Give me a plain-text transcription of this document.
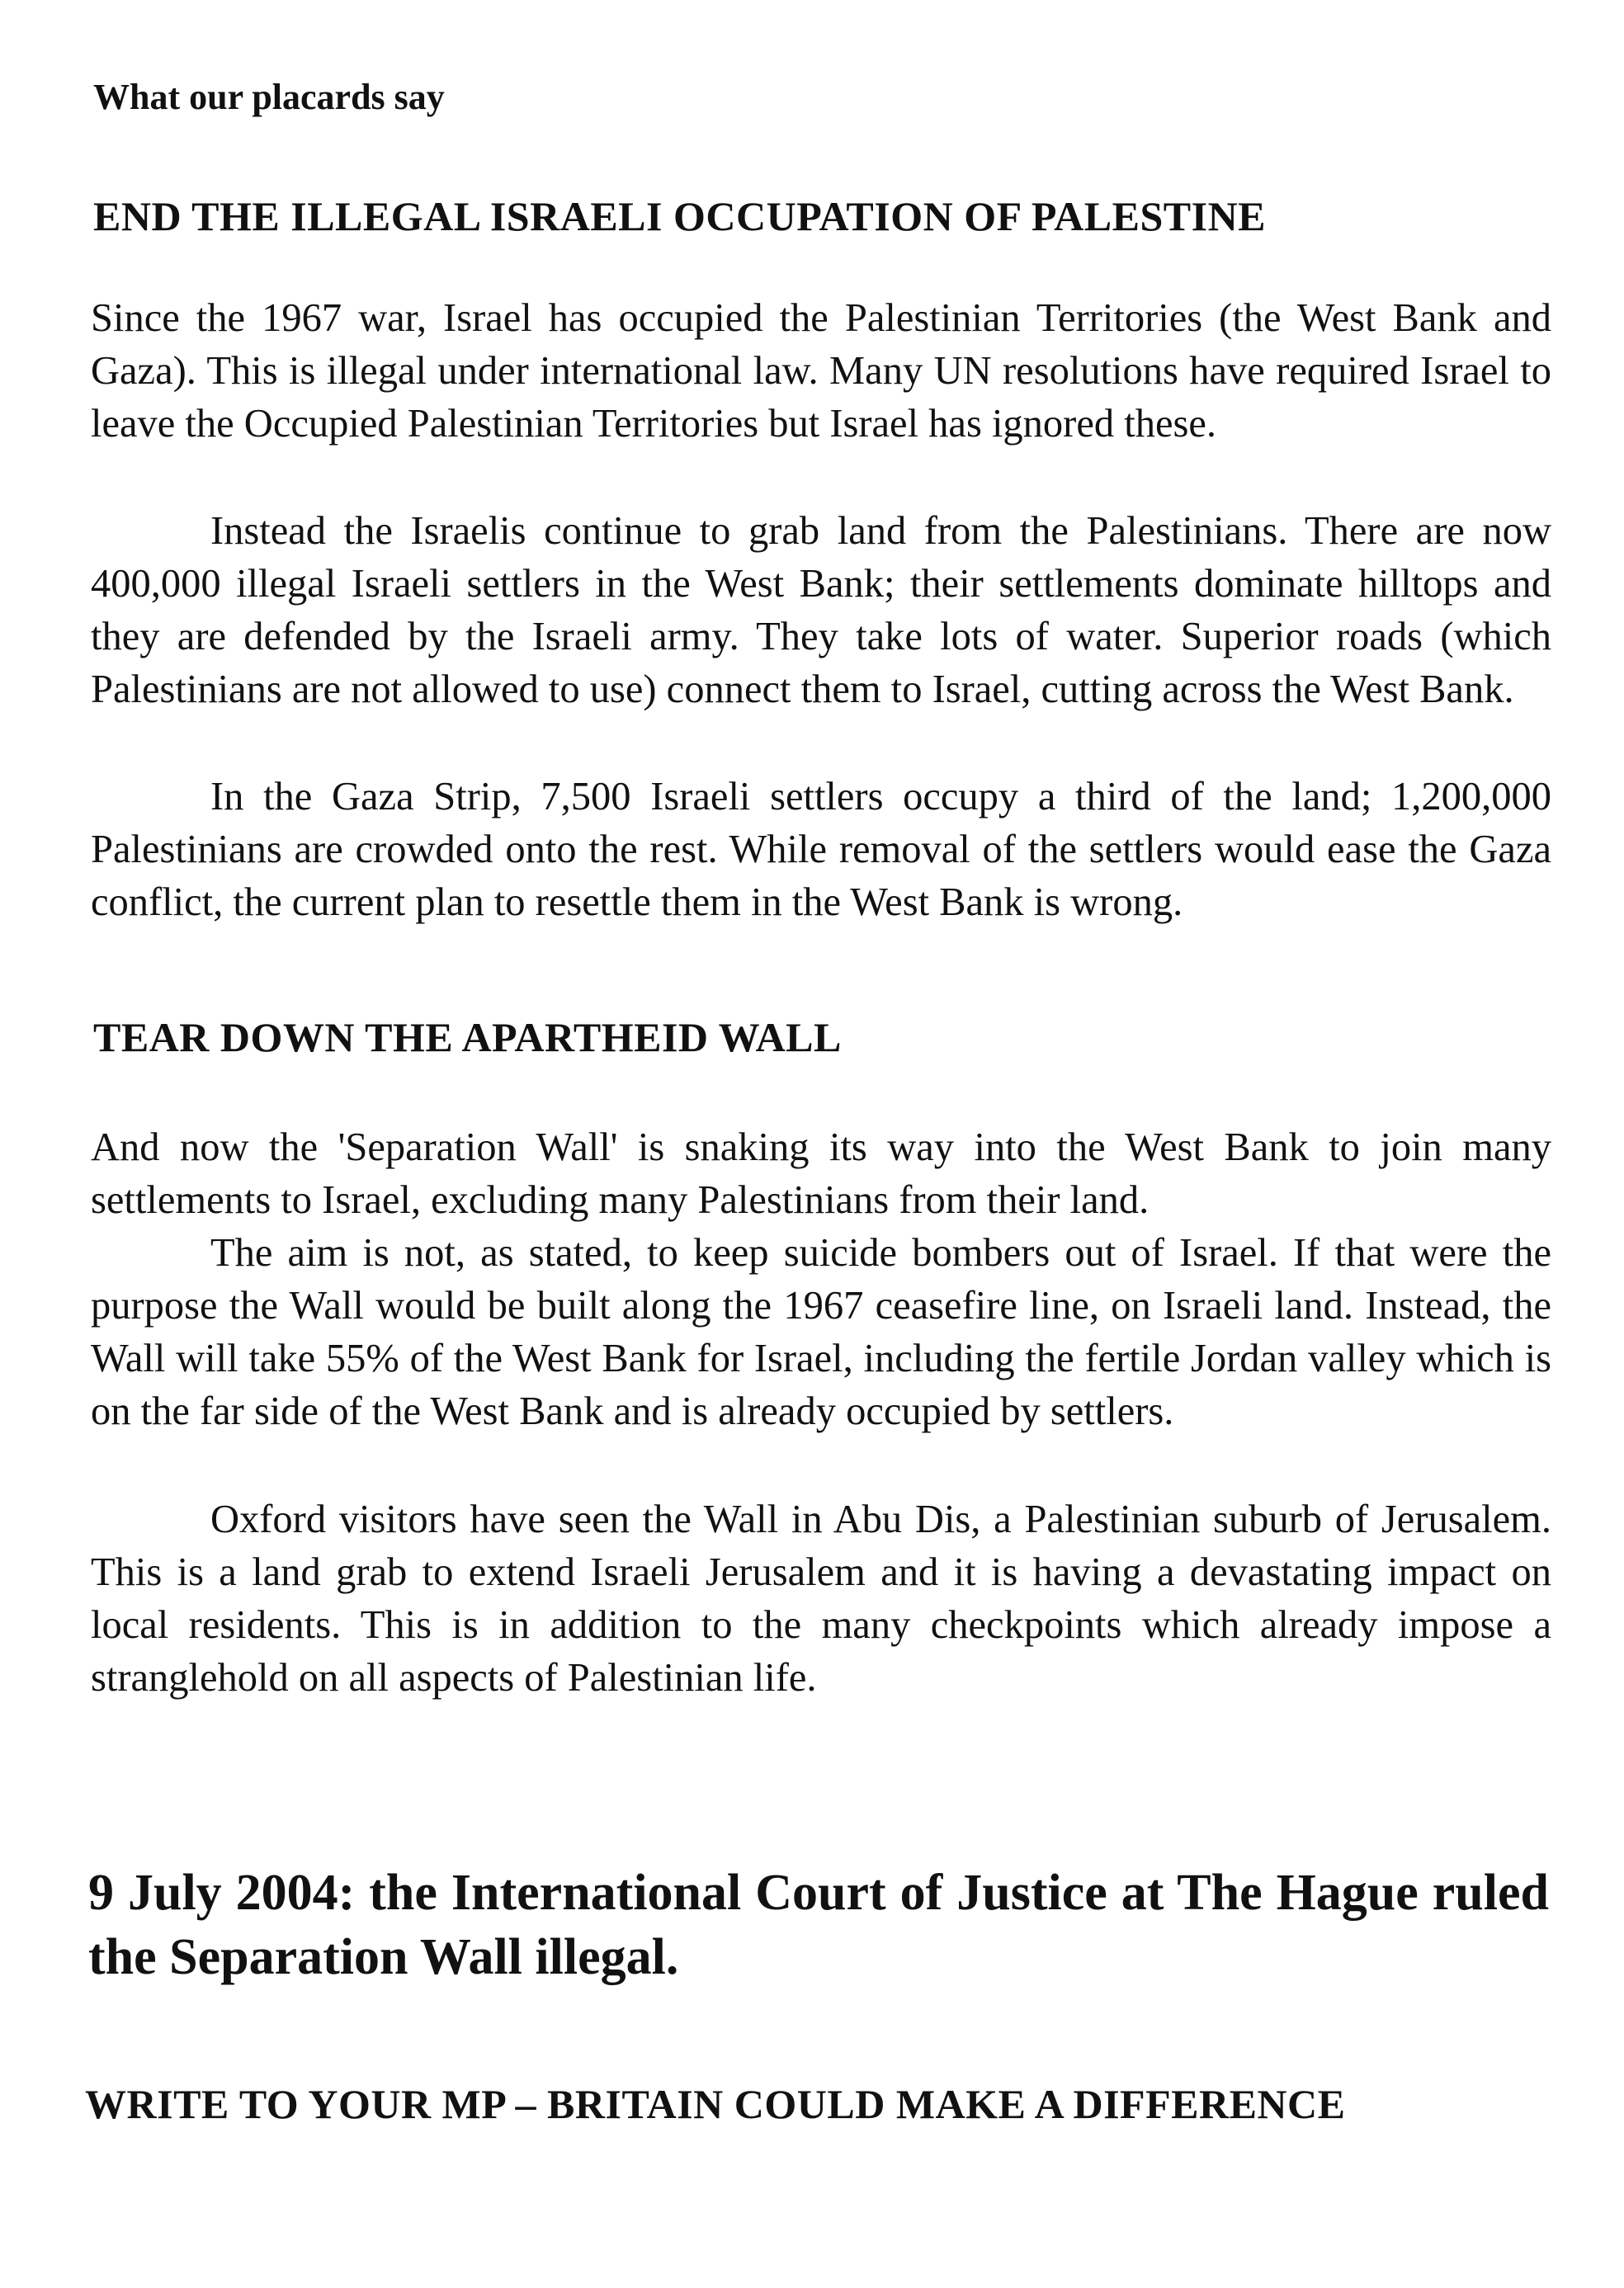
What our placards say
END THE ILLEGAL ISRAELI OCCUPATION OF PALESTINE

Since the 1967 war, Israel has occupied the Palestinian Territories (the West Bank and Gaza). This is illegal under international law. Many UN resolutions have required Israel to leave the Occupied Palestinian Territories but Israel has ignored these.

Instead the Israelis continue to grab land from the Palestinians. There are now 400,000 illegal Israeli settlers in the West Bank; their settlements dominate hilltops and they are defended by the Israeli army. They take lots of water. Superior roads (which Palestinians are not allowed to use) connect them to Israel, cutting across the West Bank.

In the Gaza Strip, 7,500 Israeli settlers occupy a third of the land; 1,200,000 Palestinians are crowded onto the rest. While removal of the settlers would ease the Gaza conflict, the current plan to resettle them in the West Bank is wrong.

TEAR DOWN THE APARTHEID WALL

And now the 'Separation Wall' is snaking its way into the West Bank to join many settlements to Israel, excluding many Palestinians from their land.

The aim is not, as stated, to keep suicide bombers out of Israel. If that were the purpose the Wall would be built along the 1967 ceasefire line, on Israeli land. Instead, the Wall will take 55% of the West Bank for Israel, including the fertile Jordan valley which is on the far side of the West Bank and is already occupied by settlers.

Oxford visitors have seen the Wall in Abu Dis, a Palestinian suburb of Jerusalem. This is a land grab to extend Israeli Jerusalem and it is having a devastating impact on local residents. This is in addition to the many checkpoints which already impose a stranglehold on all aspects of Palestinian life.

9 July 2004: the International Court of Justice at The Hague ruled the Separation Wall illegal.

WRITE TO YOUR MP – BRITAIN COULD MAKE A DIFFERENCE
